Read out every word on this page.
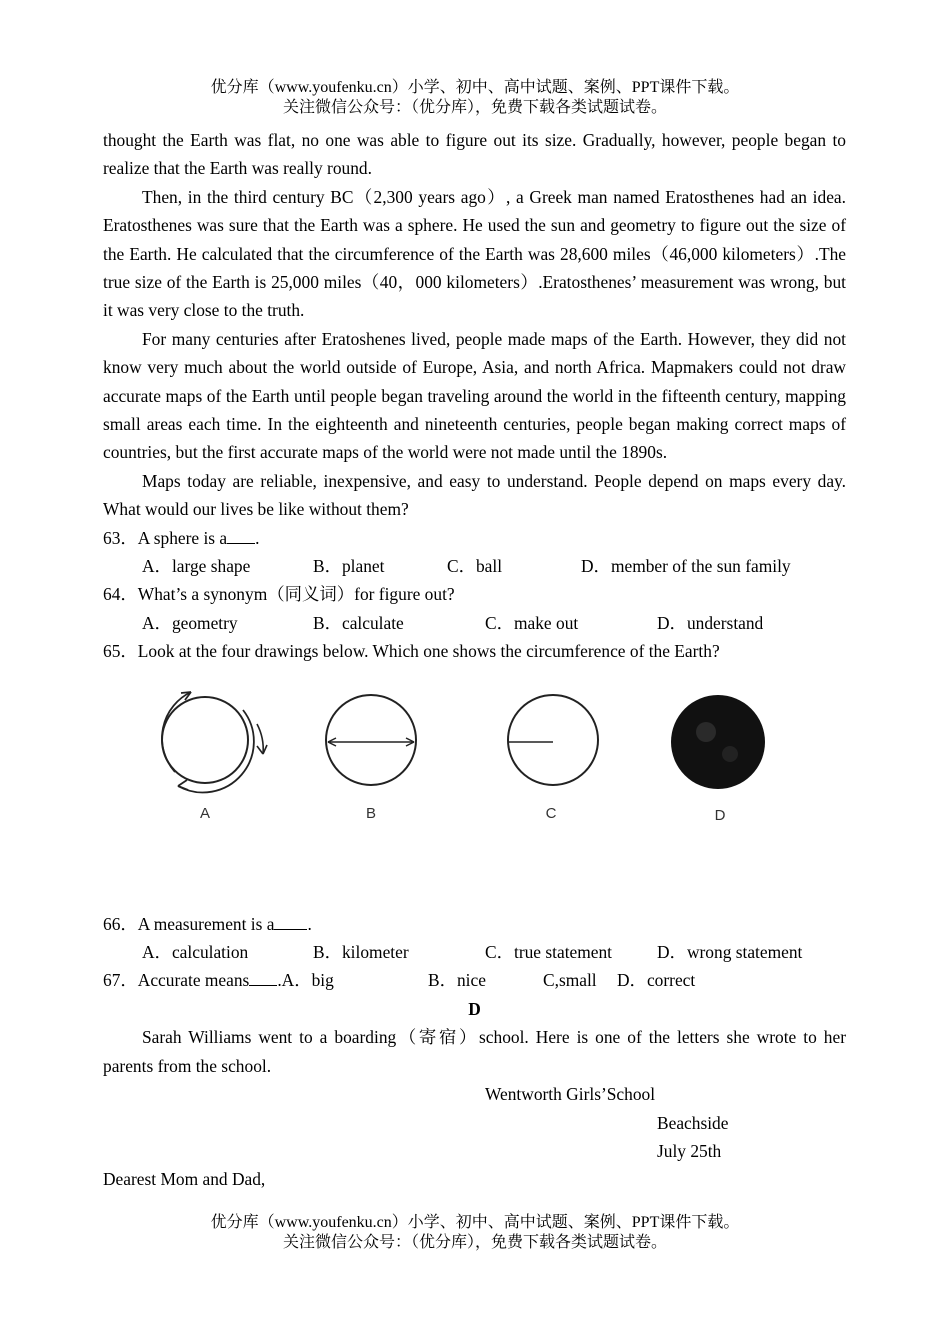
优分库（www.youfenku.cn）小学、初中、高中试题、案例、PPT课件下载。
关注微信公众号：（优分库），免费下载各类试题试卷。

thought the Earth was flat, no one was able to figure out its size. Gradually, however, people began to realize that the Earth was really round.

Then, in the third century BC（2,300 years ago）, a Greek man named Eratosthenes had an idea. Eratosthenes was sure that the Earth was a sphere. He used the sun and geometry to figure out the size of the Earth. He calculated that the circumference of the Earth was 28,600 miles（46,000 kilometers）.The true size of the Earth is 25,000 miles（40，000 kilometers）.Eratosthenes’ measurement was wrong, but it was very close to the truth.

For many centuries after Eratoshenes lived, people made maps of the Earth. However, they did not know very much about the world outside of Europe, Asia, and north Africa. Mapmakers could not draw accurate maps of the Earth until people began traveling around the world in the fifteenth century, mapping small areas each time. In the eighteenth and nineteenth centuries, people began making correct maps of countries, but the first accurate maps of the world were not made until the 1890s.

Maps today are reliable, inexpensive, and easy to understand. People depend on maps every day. What would our lives be like without them?

63．A sphere is a .

A．large shape	B．planet	C．ball	D．member of the sun family

64．What’s a synonym（同义词）for figure out?

A．geometry	B．calculate	C．make out	D．understand

65．Look at the four drawings below. Which one shows the circumference of the Earth?

A	B	C	D

66．A measurement is a .

A．calculation	B．kilometer	C．true statement	D．wrong statement
67．Accurate means .A．big	B．nice	C,small D．correct

D

Sarah Williams went to a boarding（寄宿）school. Here is one of the letters she wrote to her parents from the school.

Wentworth Girls’School

Beachside

July 25th

Dearest Mom and Dad,

优分库（www.youfenku.cn）小学、初中、高中试题、案例、PPT课件下载。
关注微信公众号：（优分库），免费下载各类试题试卷。
